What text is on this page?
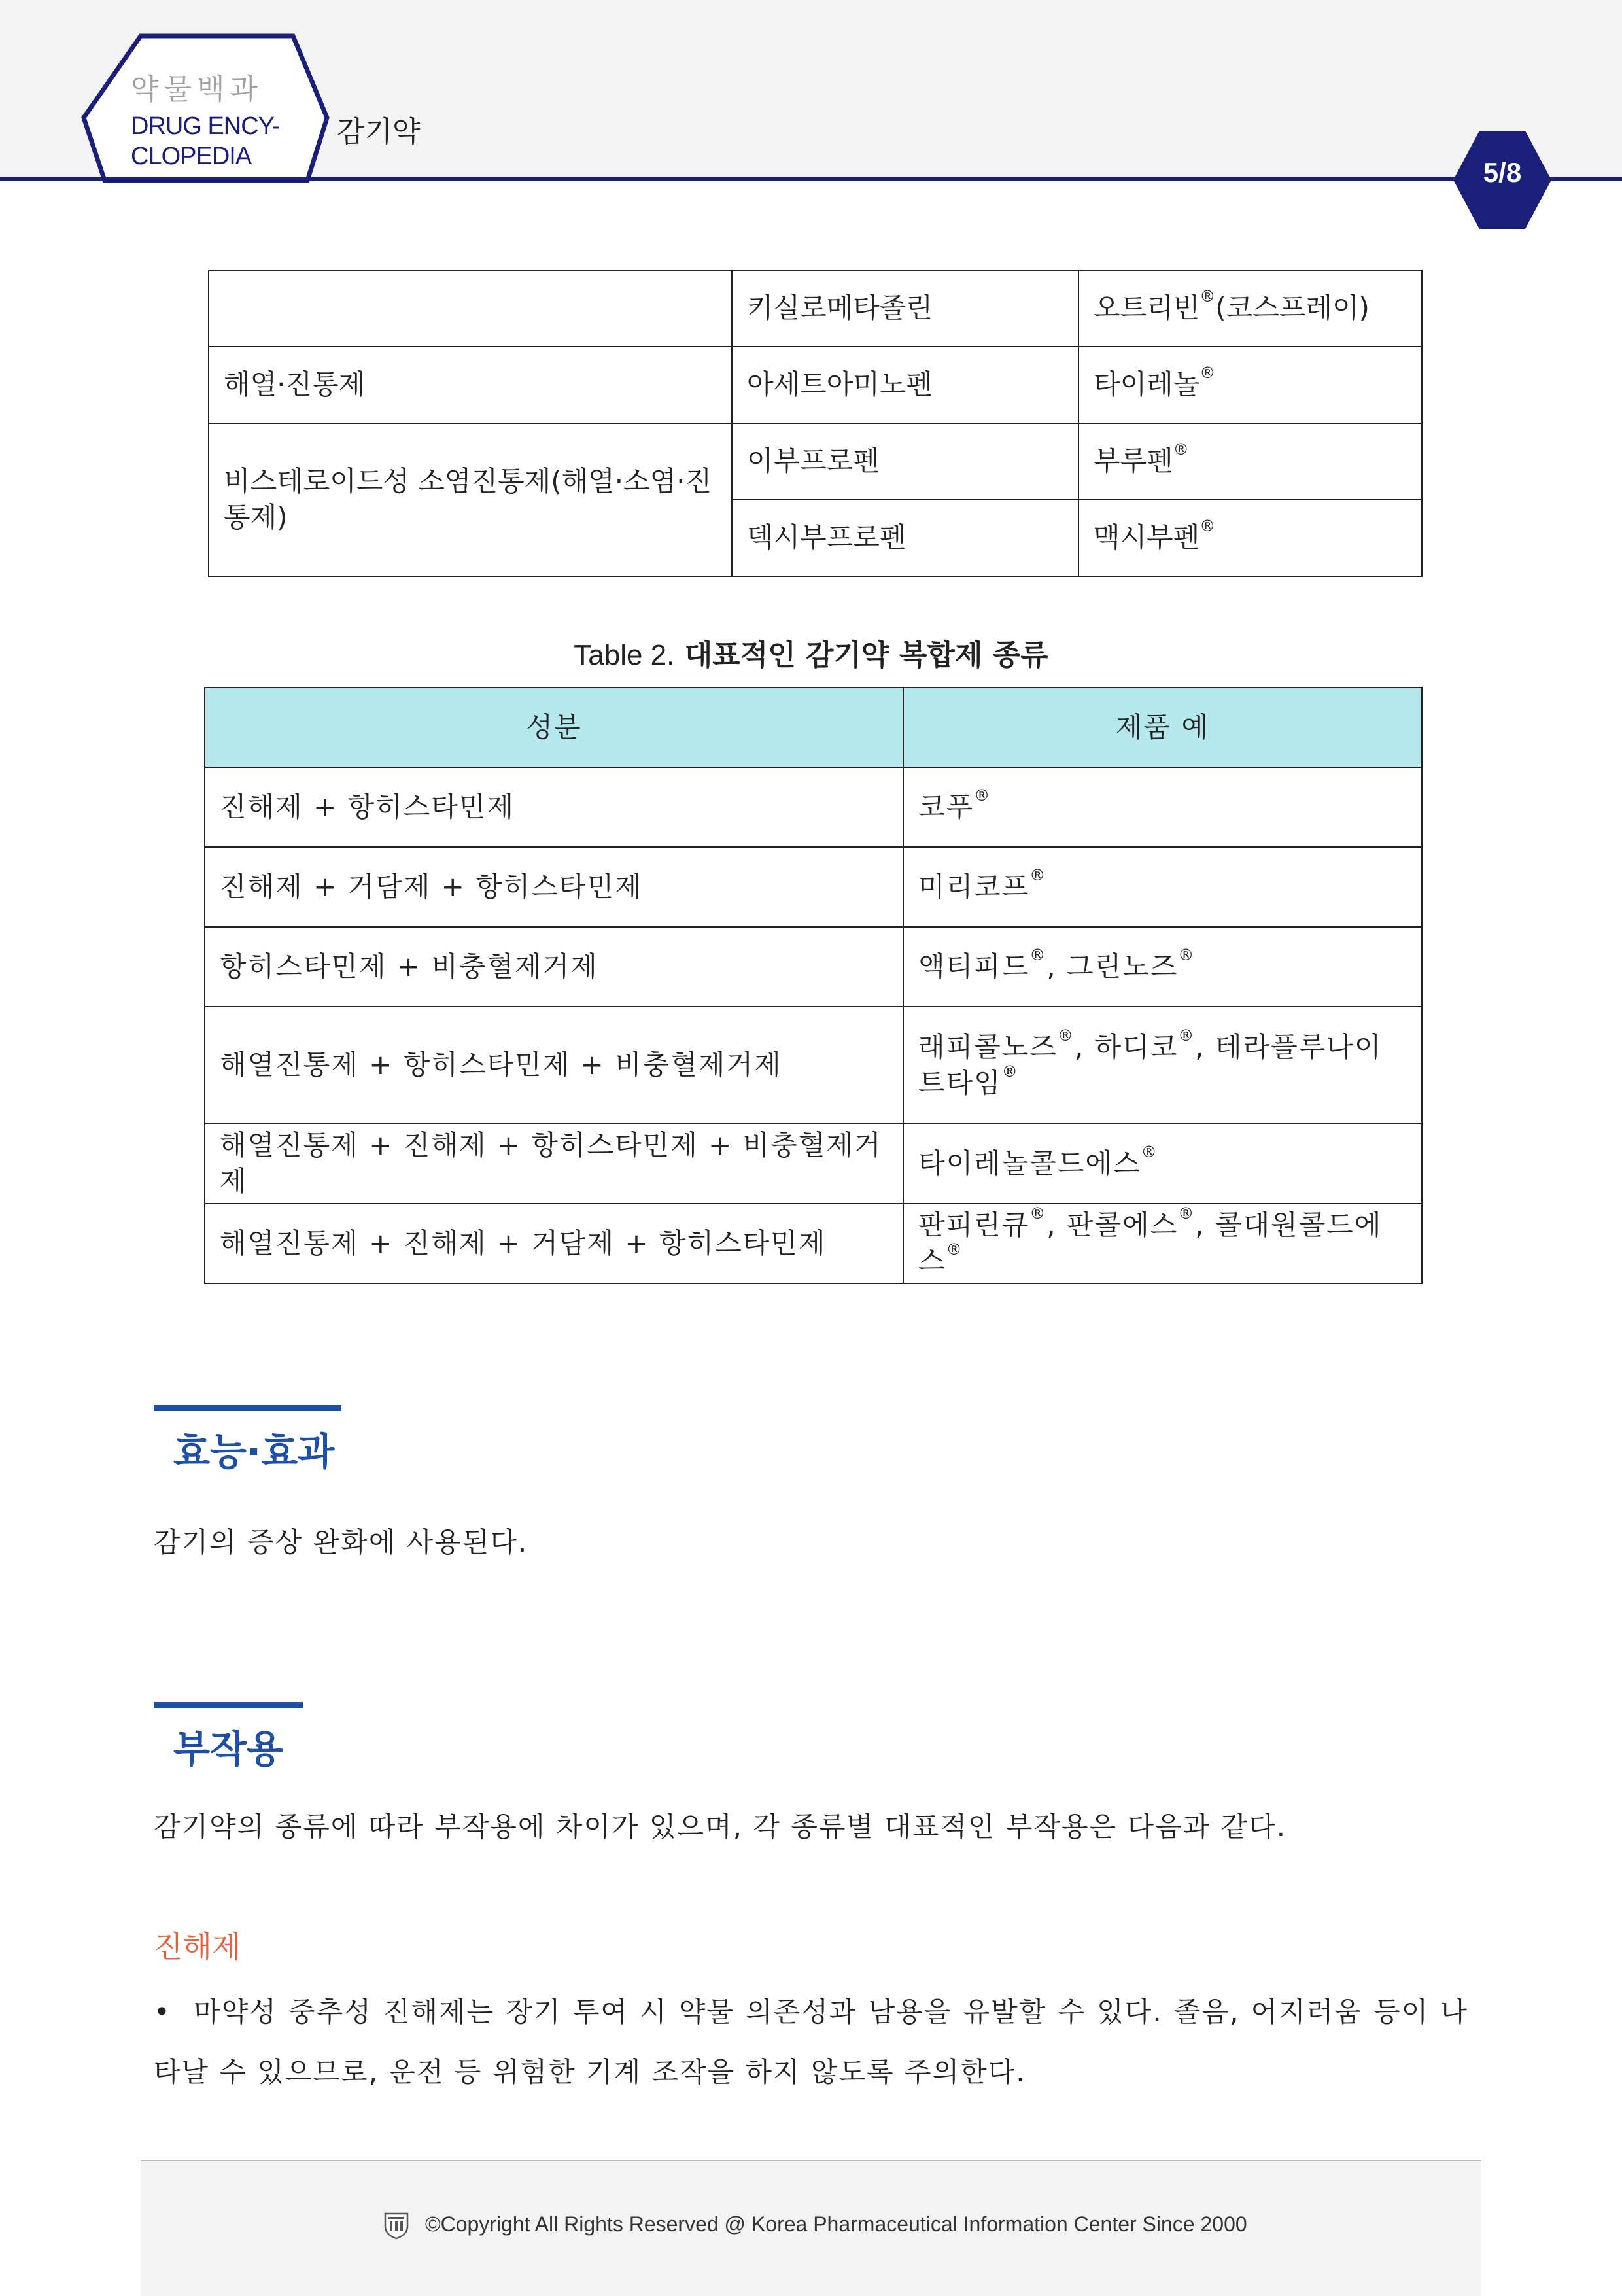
약물백과
DRUG ENCY-
CLOPEDIA
감기약
5/8
	키실로메타졸린	오트리빈®(코스프레이)
해열·진통제	아세트아미노펜	타이레놀®
비스테로이드성 소염진통제(해열·소염·진통제)	이부프로펜	부루펜®
	덱시부프로펜	맥시부펜®
Table 2. 대표적인 감기약 복합제 종류
성분	제품 예
진해제 + 항히스타민제	코푸®
진해제 + 거담제 + 항히스타민제	미리코프®
항히스타민제 + 비충혈제거제	액티피드®, 그린노즈®
해열진통제 + 항히스타민제 + 비충혈제거제	래피콜노즈®, 하디코®, 테라플루나이트타임®
해열진통제 + 진해제 + 항히스타민제 + 비충혈제거제	타이레놀콜드에스®
해열진통제 + 진해제 + 거담제 + 항히스타민제	판피린큐®, 판콜에스®, 콜대원콜드에스®
효능·효과
감기의 증상 완화에 사용된다.
부작용
감기약의 종류에 따라 부작용에 차이가 있으며, 각 종류별 대표적인 부작용은 다음과 같다.
진해제
•  마약성 중추성 진해제는 장기 투여 시 약물 의존성과 남용을 유발할 수 있다. 졸음, 어지러움 등이 나타날 수 있으므로, 운전 등 위험한 기계 조작을 하지 않도록 주의한다.
©Copyright All Rights Reserved @ Korea Pharmaceutical Information Center Since 2000
